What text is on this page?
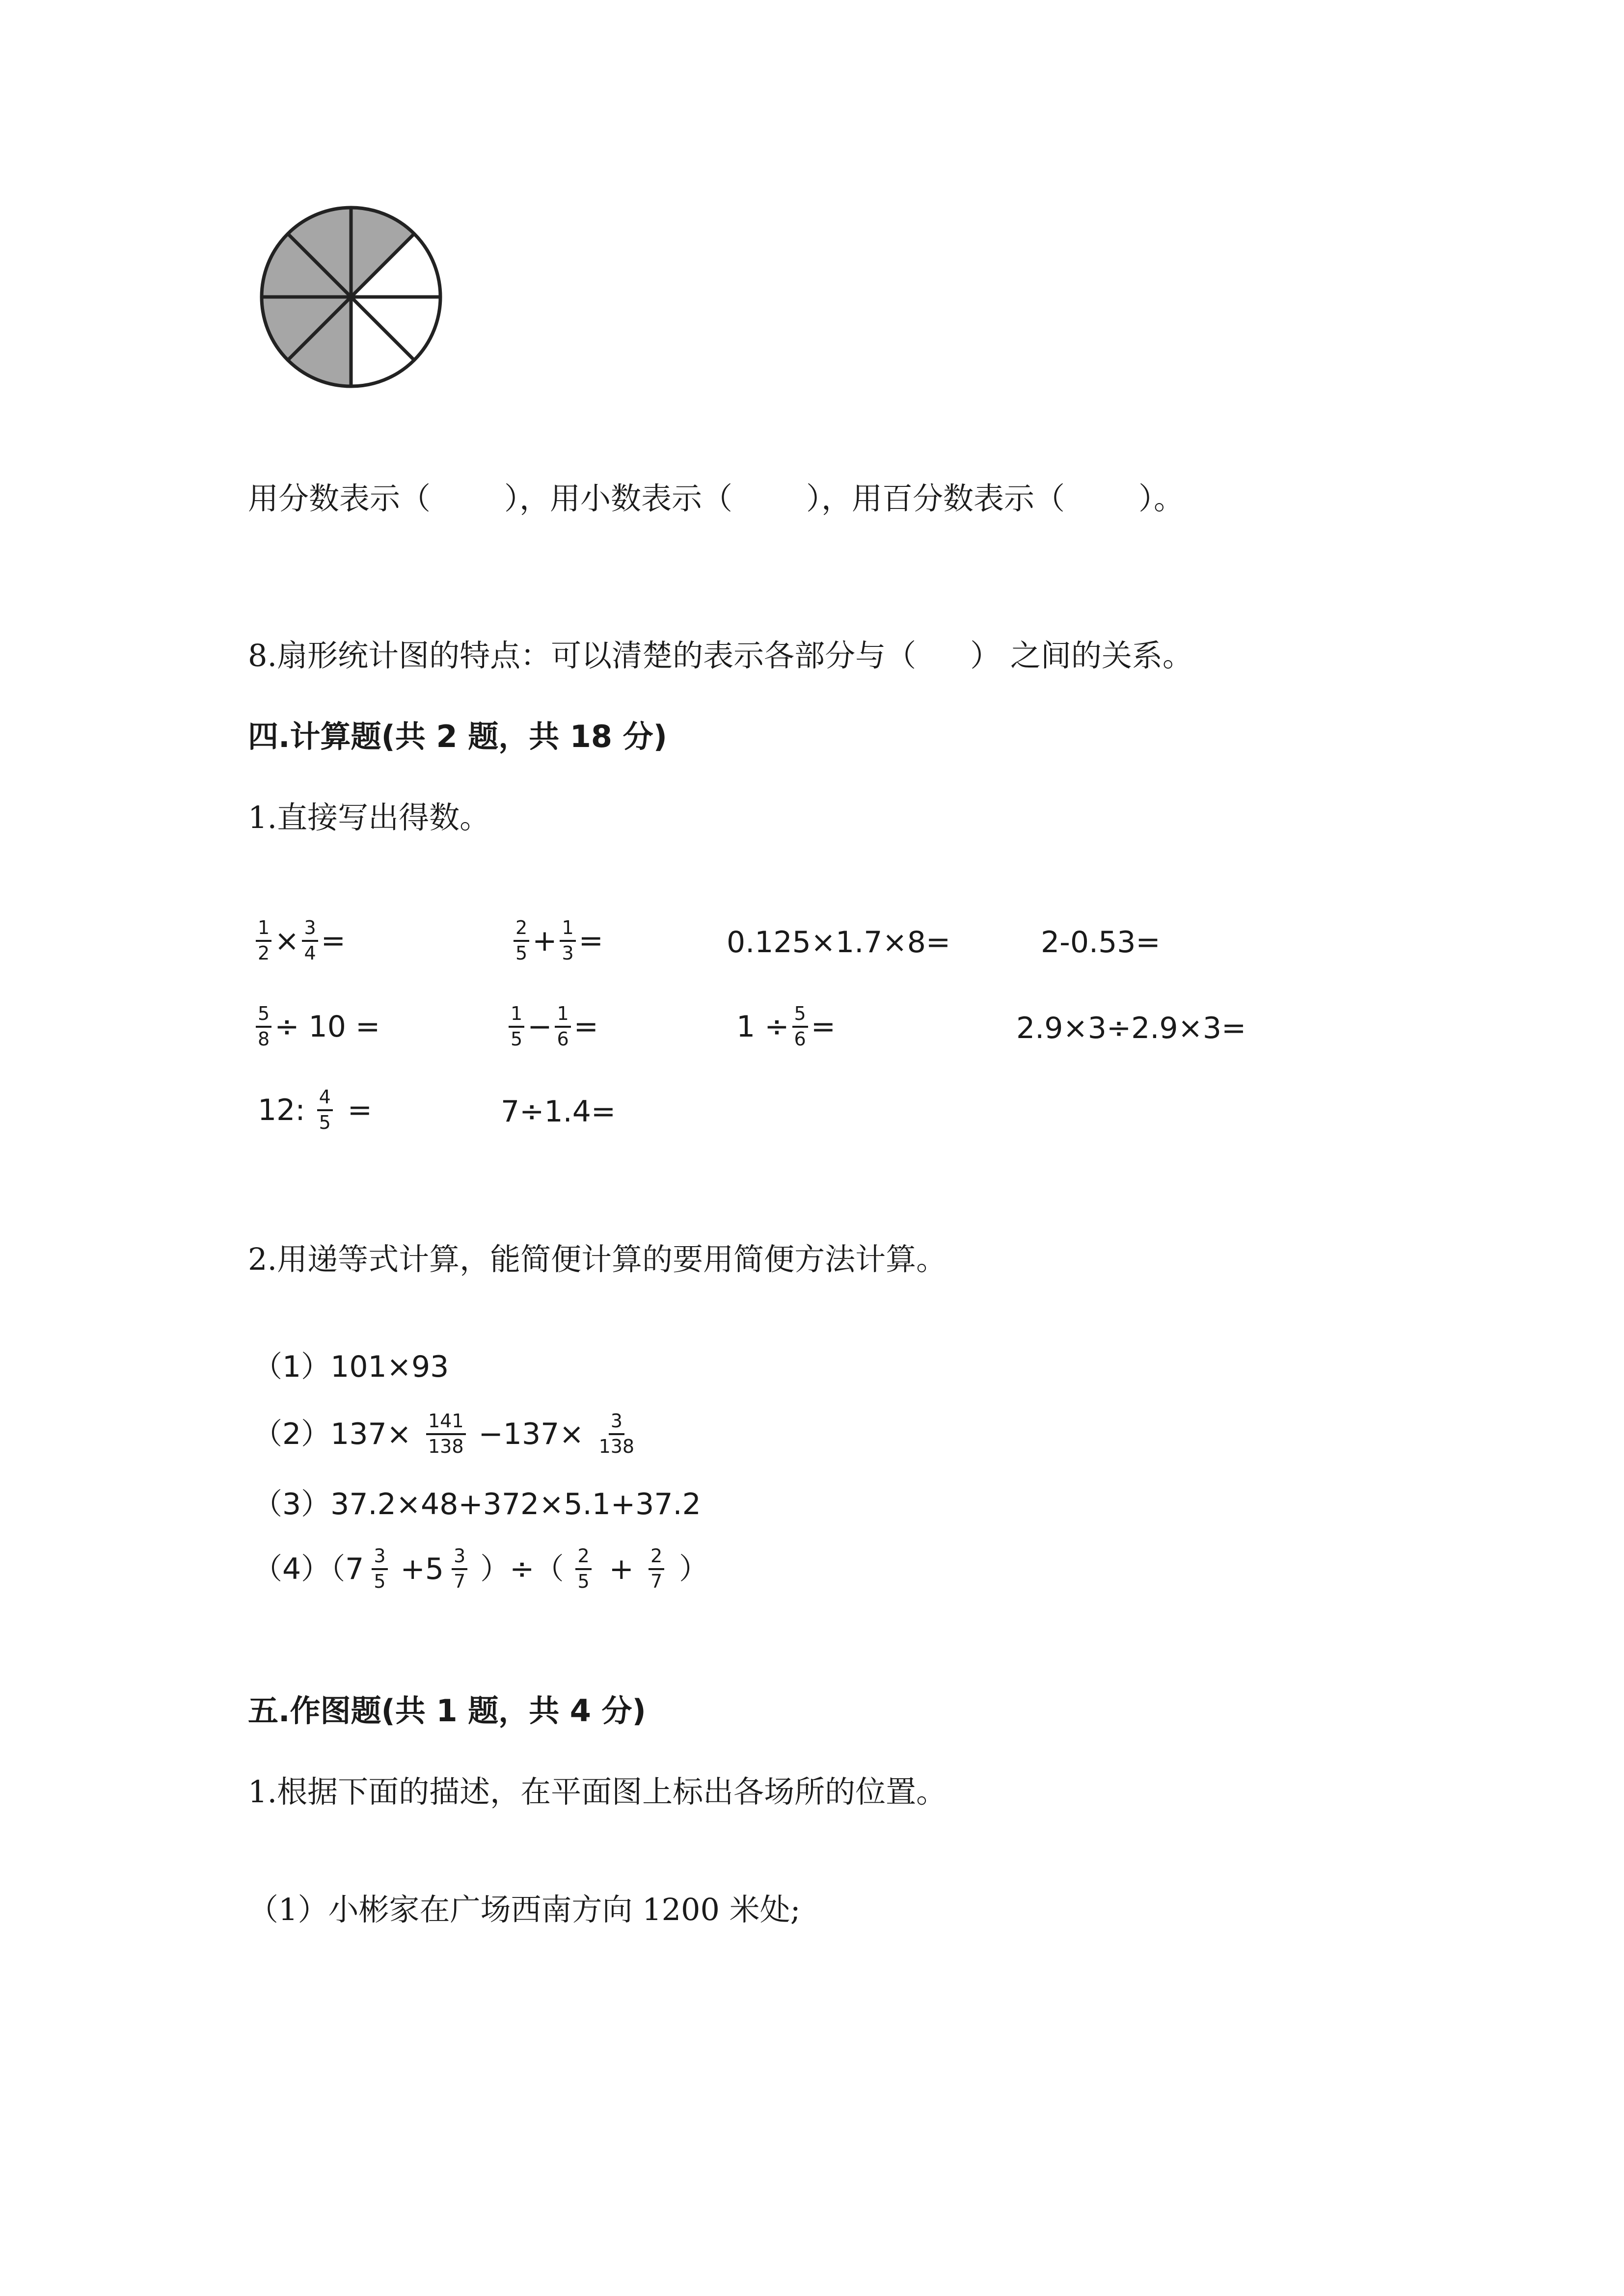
用分数表示（ ），用小数表示（ ），用百分数表示（ ）。
8.扇形统计图的特点：可以清楚的表示各部分与（ ） 之间的关系。
四.计算题(共 2 题，共 18 分)
1.直接写出得数。
$\frac{1}{2} \times \frac{3}{4}$ =	$\frac{2}{5} + \frac{1}{3}$ =	0.125×1.7×8=	2-0.53=
$\frac{5}{8} \div 10$ =	$\frac{1}{5} - \frac{1}{6}$ =	$1 \div \frac{5}{6}$ =	2.9×3÷2.9×3=
12: $\frac{4}{5}$ =	7÷1.4=
2.用递等式计算，能简便计算的要用简便方法计算。
（1）101×93
$(2)137\times \frac{141}{138} -137\times \frac{3}{138}$
（3）37.2×48+372×5.1+37.2
$(4)(7 \frac{3}{5} +5 \frac{3}{7}$ ）÷（ $\frac{2}{5} + \frac{2}{7}$ ）
五.作图题(共 1 题，共 4 分)
1.根据下面的描述，在平面图上标出各场所的位置。
（1）小彬家在广场西南方向 1200 米处;
